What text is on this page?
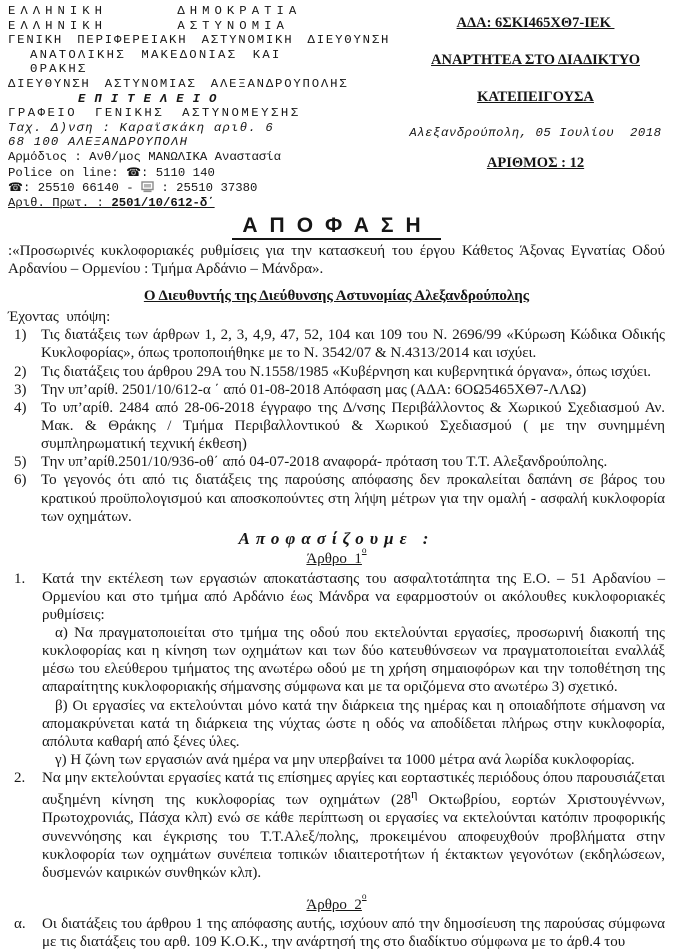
ΕΛΛΗΝΙΚΗ ΔΗΜΟΚΡΑΤΙΑ
ΕΛΛΗΝΙΚΗ ΑΣΤΥΝΟΜΙΑ
ΓΕΝΙΚΗ ΠΕΡΙΦΕΡΕΙΑΚΗ ΑΣΤΥΝΟΜΙΚΗ ΔΙΕΥΘΥΝΣΗ
ΑΝΑΤΟΛΙΚΗΣ ΜΑΚΕΔΟΝΙΑΣ ΚΑΙ
ΘΡΑΚΗΣ
ΔΙΕΥΘΥΝΣΗ ΑΣΤΥΝΟΜΙΑΣ ΑΛΕΞΑΝΔΡΟΥΠΟΛΗΣ
ΕΠΙΤΕΛΕΙΟ
ΓΡΑΦΕΙΟ ΓΕΝΙΚΗΣ ΑΣΤΥΝΟΜΕΥΣΗΣ
Ταχ. Δ)νση : Καραϊσκάκη αριθ. 6
68 100 ΑΛΕΞΑΝΔΡΟΥΠΟΛΗ
Αρμόδιος : Ανθ/μος ΜΑΝΩΛΙΚΑ Αναστασία
Police on line: ☎: 5110 140
☎: 25510 66140 -  : 25510 37380
Αριθ. Πρωτ. : 2501/10/612-δ΄
ΑΔΑ: 6ΣΚΙ465ΧΘ7-ΙΕΚ
ΑΝΑΡΤΗΤΕΑ ΣΤΟ ΔΙΑΔΙΚΤΥΟ
ΚΑΤΕΠΕΙΓΟΥΣΑ
Αλεξανδρούπολη, 05 Ιουλίου  2018
ΑΡΙΘΜΟΣ : 12
ΑΠΟΦΑΣΗ

:«Προσωρινές κυκλοφοριακές ρυθμίσεις για την κατασκευή του έργου Κάθετος Άξονας Εγνατίας Οδού Αρδανίου – Ορμενίου : Τμήμα Αρδάνιο – Μάνδρα».

Ο Διευθυντής της Διεύθυνσης Αστυνομίας Αλεξανδρούπολης
Έχοντας  υπόψη:
1) Τις διατάξεις των άρθρων 1, 2, 3, 4,9, 47, 52, 104 και 109 του Ν. 2696/99 «Κύρωση Κώδικα Οδικής Κυκλοφορίας», όπως τροποποιήθηκε με το Ν. 3542/07 & Ν.4313/2014 και ισχύει.
2) Τις διατάξεις του άρθρου 29Α του Ν.1558/1985 «Κυβέρνηση και κυβερνητικά όργανα», όπως ισχύει.
3) Την υπ’αρίθ. 2501/10/612-α ΄ από 01-08-2018 Απόφαση μας (ΑΔΑ: 6ΟΩ5465ΧΘ7-ΛΛΩ)
4) Το υπ’αρίθ. 2484 από 28-06-2018 έγγραφο της Δ/νσης Περιβάλλοντος & Χωρικού Σχεδιασμού Αν. Μακ. & Θράκης / Τμήμα Περιβαλλοντικού & Χωρικού Σχεδιασμού ( με την συνημμένη συμπληρωματική τεχνική έκθεση)
5) Την υπ’αρίθ.2501/10/936-οθ΄ από 04-07-2018 αναφορά- πρόταση του Τ.Τ. Αλεξανδρούπολης.
6) Το γεγονός ότι από τις διατάξεις της παρούσης απόφασης δεν προκαλείται δαπάνη σε βάρος του κρατικού προϋπολογισμού και αποσκοπούντες στη λήψη μέτρων για την ομαλή - ασφαλή κυκλοφορία των οχημάτων.
Αποφασίζουμε :
Άρθρο  $1^o$
1. Κατά την εκτέλεση των εργασιών αποκατάστασης του ασφαλτοτάπητα της Ε.Ο. – 51 Αρδανίου – Ορμενίου και στο τμήμα από Αρδάνιο έως Μάνδρα να εφαρμοστούν οι ακόλουθες κυκλοφοριακές ρυθμίσεις:
α) Να πραγματοποιείται στο τμήμα της οδού που εκτελούνται εργασίες, προσωρινή διακοπή της κυκλοφορίας και η κίνηση των οχημάτων και των δύο κατευθύνσεων να πραγματοποιείται εναλλάξ μέσω του ελεύθερου τμήματος της ανωτέρω οδού με τη χρήση σημαιοφόρων και την τοποθέτηση της απαραίτητης κυκλοφοριακής σήμανσης σύμφωνα και με τα οριζόμενα στο ανωτέρω 3) σχετικό.
β) Οι εργασίες να εκτελούνται μόνο κατά την διάρκεια της ημέρας και η οποιαδήποτε σήμανση να απομακρύνεται κατά τη διάρκεια της νύχτας ώστε η οδός να αποδίδεται πλήρως στην κυκλοφορία, απόλυτα καθαρή από ξένες ύλες.
γ) Η ζώνη των εργασιών ανά ημέρα να μην υπερβαίνει τα 1000 μέτρα ανά λωρίδα κυκλοφορίας.
2. Να μην εκτελούνται εργασίες κατά τις επίσημες αργίες και εορταστικές περιόδους όπου παρουσιάζεται αυξημένη κίνηση της κυκλοφορίας των οχημάτων ($28^\eta$ Οκτωβρίου, εορτών Χριστουγέννων, Πρωτοχρονιάς, Πάσχα κλπ) ενώ σε κάθε περίπτωση οι εργασίες να εκτελούνται κατόπιν προφορικής συνεννόησης και έγκρισης του Τ.Τ.Αλεξ/πολης, προκειμένου αποφευχθούν προβλήματα στην κυκλοφορία των οχημάτων συνέπεια τοπικών ιδιαιτεροτήτων ή έκτακτων γεγονότων (εκδηλώσεων, δυσμενών καιρικών συνθηκών κλπ).
Άρθρο  $2^o$
α. Οι διατάξεις του άρθρου 1 της απόφασης αυτής, ισχύουν από την δημοσίευση της παρούσας σύμφωνα με τις διατάξεις του αρθ. 109 Κ.Ο.Κ., την ανάρτησή της στο διαδίκτυο σύμφωνα με το άρθ.4 του
